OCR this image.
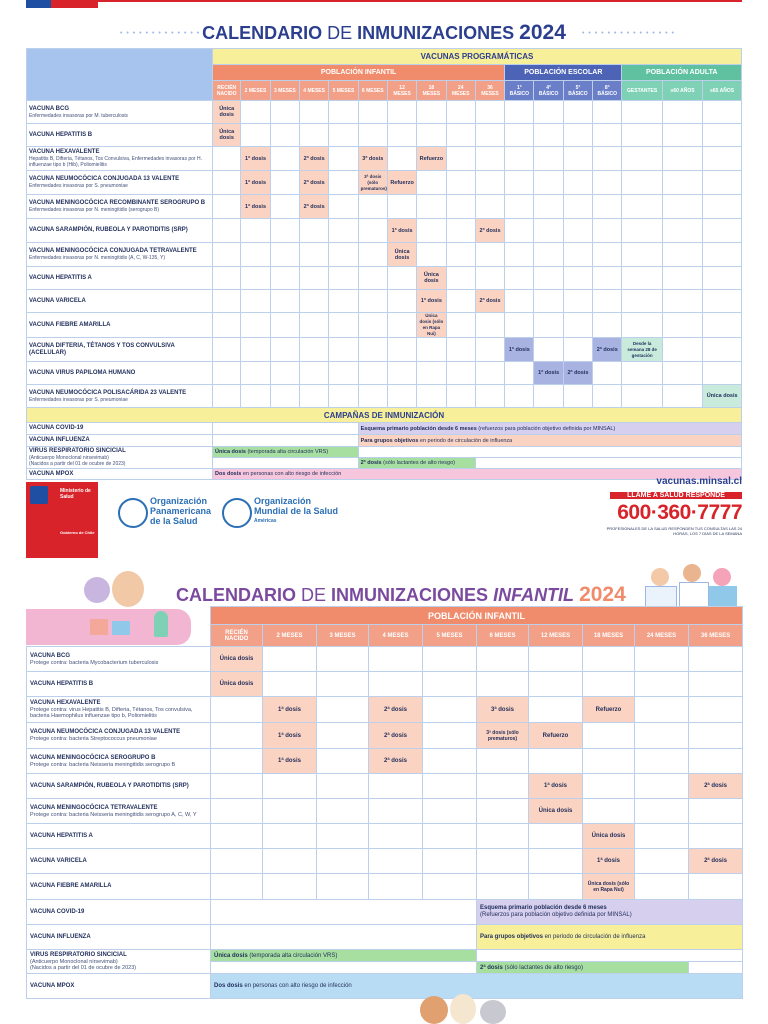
• • • • • • • • • • • • •	• • • • • • • • • • • • • • •
CALENDARIO DE INMUNIZACIONES 2024
	VACUNAS PROGRAMÁTICAS																
	POBLACIÓN INFANTIL										POBLACIÓN ESCOLAR				POBLACIÓN ADULTA		
	RECIÉN NACIDO	2 MESES	3 MESES	4 MESES	5 MESES	6 MESES	12 MESES	18 MESES	24 MESES	36 MESES	1° BÁSICO	4° BÁSICO	5° BÁSICO	8° BÁSICO	GESTANTES	≥60 AÑOS	≥65 AÑOS

VACUNA BCG
Enfermedades invasoras por M. tuberculosis	Única dosis																

VACUNA HEPATITIS B	Única dosis																

VACUNA HEXAVALENTE
Hepatitis B, Difteria, Tétanos, Tos Convulsiva, Enfermedades invasoras por H. influenzae tipo b (Hib), Poliomielitis		1ª dosis		2ª dosis		3ª dosis		Refuerzo									

VACUNA NEUMOCÓCICA CONJUGADA 13 VALENTE
Enfermedades invasoras por S. pneumoniae		1ª dosis		2ª dosis		3ª dosis (sólo prematuros)	Refuerzo										

VACUNA MENINGOCÓCICA RECOMBINANTE SEROGRUPO B
Enfermedades invasoras por N. meningitidis (serogrupo B)		1ª dosis		2ª dosis													

VACUNA SARAMPIÓN, RUBEOLA Y PAROTIDITIS (SRP)							1ª dosis			2ª dosis							

VACUNA MENINGOCÓCICA CONJUGADA TETRAVALENTE
Enfermedades invasoras por N. meningitidis (A, C, W-135, Y)							Única dosis										

VACUNA HEPATITIS A								Única dosis									

VACUNA VARICELA								1ª dosis		2ª dosis							

VACUNA FIEBRE AMARILLA								Única dosis (sólo en Rapa Nui)									

VACUNA DIFTERIA, TÉTANOS Y TOS CONVULSIVA (ACELULAR)											1ª dosis			2ª dosis	Desde la semana 28 de gestación		

VACUNA VIRUS PAPILOMA HUMANO												1ª dosis	2ª dosis				

VACUNA NEUMOCÓCICA POLISACÁRIDA 23 VALENTE
Enfermedades invasoras por S. pneumoniae																	Única dosis
CAMPAÑAS DE INMUNIZACIÓN																	

VACUNA COVID-19						Esquema primario población desde 6 meses (refuerzos para población objetivo definida por MINSAL)											

VACUNA INFLUENZA						Para grupos objetivos en periodo de circulación de influenza											

VIRUS RESPIRATORIO SINCICIAL
(Anticuerpo Monoclonal nirsevimab)
(Nacidos a partir del 01 de ocubre de 2023)	Única dosis (temporada alta circulación VRS)																
						2ª dosis (sólo lactantes de alto riesgo)											

VACUNA MPOX	Dos dosis en personas con alto riesgo de infección																
Ministerio de Salud
Gobierno de Chile
Organización
Panamericana
de la Salud
Organización
Mundial de la Salud
Américas
vacunas.minsal.cl
LLAME A SALUD RESPONDE
600·360·7777
PROFESIONALES DE LA SALUD RESPONDEN TUS CONSULTAS LAS 24 HORAS, LOS 7 DÍAS DE LA SEMANA
CALENDARIO DE INMUNIZACIONES INFANTIL 2024
	POBLACIÓN INFANTIL									
	RECIÉN NACIDO	2 MESES	3 MESES	4 MESES	5 MESES	6 MESES	12 MESES	18 MESES	24 MESES	36 MESES

VACUNA BCG
Protege contra: bacteria Mycobacterium tuberculosis	Única dosis									

VACUNA HEPATITIS B	Única dosis									

VACUNA HEXAVALENTE
Protege contra: virus Hepatitis B, Difteria, Tétanos, Tos convulsiva, bacteria Haemophilus influenzae tipo b, Poliomielitis		1ª dosis		2ª dosis		3ª dosis		Refuerzo		

VACUNA NEUMOCÓCICA CONJUGADA 13 VALENTE
Protege contra: bacteria Streptococcus pneumoniae		1ª dosis		2ª dosis		3ª dosis (sólo prematuros)	Refuerzo			

VACUNA MENINGOCÓCICA SEROGRUPO B
Protege contra: bacteria Neisseria meningitidis serogrupo B		1ª dosis		2ª dosis						

VACUNA SARAMPIÓN, RUBEOLA Y PAROTIDITIS (SRP)							1ª dosis			2ª dosis

VACUNA MENINGOCÓCICA TETRAVALENTE
Protege contra: bacteria Neisseria meningitidis serogrupo A, C, W, Y							Única dosis			

VACUNA HEPATITIS A								Única dosis		

VACUNA VARICELA								1ª dosis		2ª dosis

VACUNA FIEBRE AMARILLA								Única dosis (sólo en Rapa Nui)		

VACUNA COVID-19						Esquema primario población desde 6 meses
(Refuerzos para población objetivo definida por MINSAL)				

VACUNA INFLUENZA						Para grupos objetivos en periodo de circulación de influenza				

VIRUS RESPIRATORIO SINCICIAL
(Anticuerpo Monoclonal nirsevimab)
(Nacidos a partir del 01 de ocubre de 2023)	Única dosis (temporada alta circulación VRS)									
						2ª dosis (sólo lactantes de alto riesgo)				

VACUNA MPOX	Dos dosis en personas con alto riesgo de infección									
